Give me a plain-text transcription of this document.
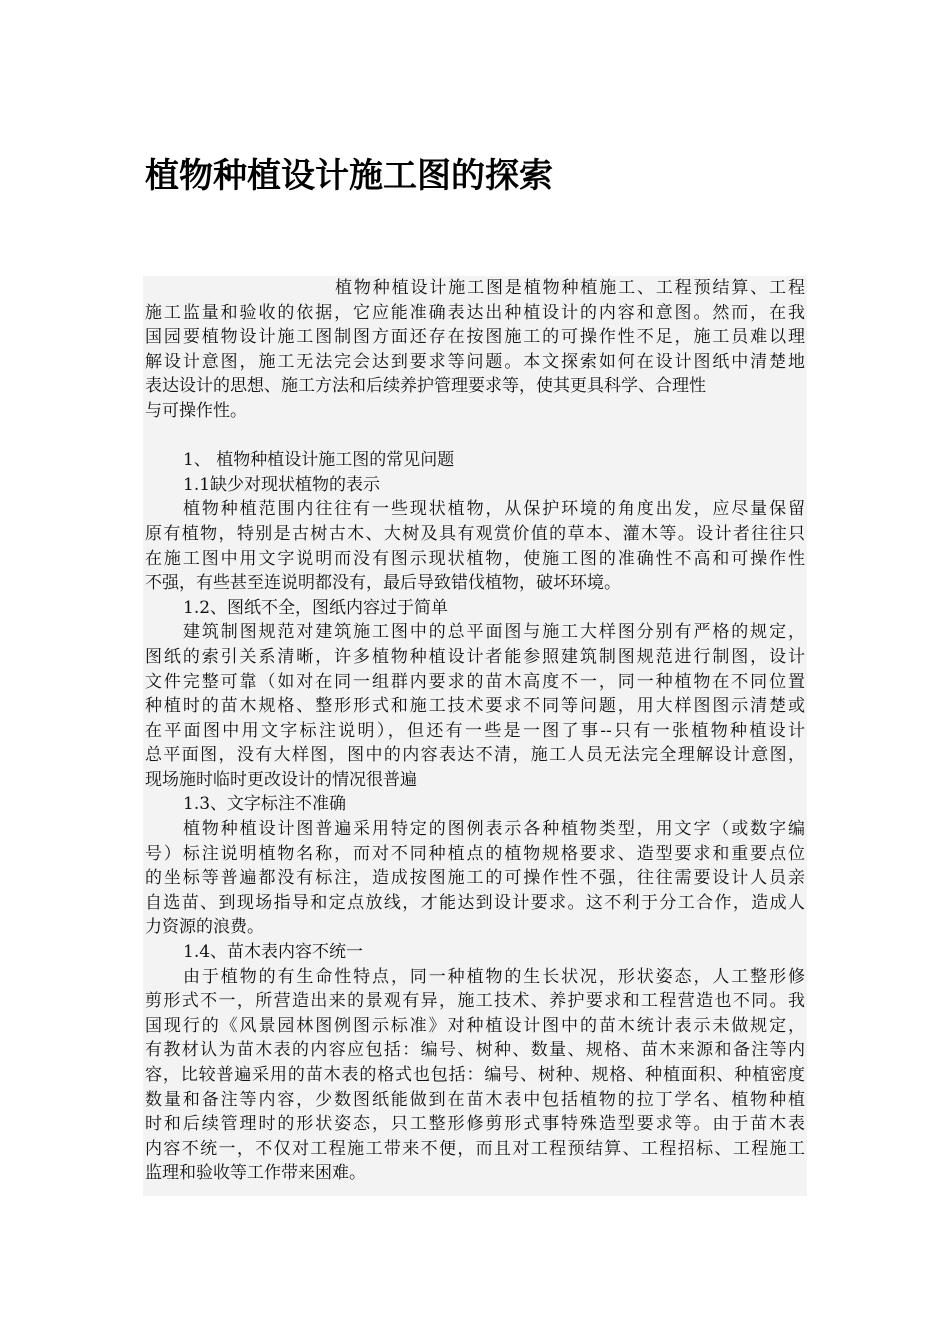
植物种植设计施工图的探索
植物种植设计施工图是植物种植施工、工程预结算、工程
施工监量和验收的依据，它应能准确表达出种植设计的内容和意图。然而，在我
国园要植物设计施工图制图方面还存在按图施工的可操作性不足，施工员难以理
解设计意图，施工无法完会达到要求等问题。本文探索如何在设计图纸中清楚地
表达设计的思想、施工方法和后续养护管理要求等，使其更具科学、合理性
与可操作性。
1、 植物种植设计施工图的常见问题
1.1缺少对现状植物的表示
植物种植范围内往往有一些现状植物，从保护环境的角度出发，应尽量保留
原有植物，特别是古树古木、大树及具有观赏价值的草本、灌木等。设计者往往只
在施工图中用文字说明而没有图示现状植物，使施工图的准确性不高和可操作性
不强，有些甚至连说明都没有，最后导致错伐植物，破坏环境。
1.2、图纸不全，图纸内容过于简单
建筑制图规范对建筑施工图中的总平面图与施工大样图分别有严格的规定，
图纸的索引关系清晰，许多植物种植设计者能参照建筑制图规范进行制图，设计
文件完整可靠（如对在同一组群内要求的苗木高度不一，同一种植物在不同位置
种植时的苗木规格、整形形式和施工技术要求不同等问题，用大样图图示清楚或
在平面图中用文字标注说明），但还有一些是一图了事--只有一张植物种植设计
总平面图，没有大样图，图中的内容表达不清，施工人员无法完全理解设计意图，
现场施时临时更改设计的情况很普遍
1.3、文字标注不准确
植物种植设计图普遍采用特定的图例表示各种植物类型，用文字（或数字编
号）标注说明植物名称，而对不同种植点的植物规格要求、造型要求和重要点位
的坐标等普遍都没有标注，造成按图施工的可操作性不强，往往需要设计人员亲
自选苗、到现场指导和定点放线，才能达到设计要求。这不利于分工合作，造成人
力资源的浪费。
1.4、苗木表内容不统一
由于植物的有生命性特点，同一种植物的生长状况，形状姿态，人工整形修
剪形式不一，所营造出来的景观有异，施工技术、养护要求和工程营造也不同。我
国现行的《风景园林图例图示标准》对种植设计图中的苗木统计表示未做规定，
有教材认为苗木表的内容应包括：编号、树种、数量、规格、苗木来源和备注等内
容，比较普遍采用的苗木表的格式也包括：编号、树种、规格、种植面积、种植密度
数量和备注等内容，少数图纸能做到在苗木表中包括植物的拉丁学名、植物种植
时和后续管理时的形状姿态，只工整形修剪形式事特殊造型要求等。由于苗木表
内容不统一，不仅对工程施工带来不便，而且对工程预结算、工程招标、工程施工
监理和验收等工作带来困难。
